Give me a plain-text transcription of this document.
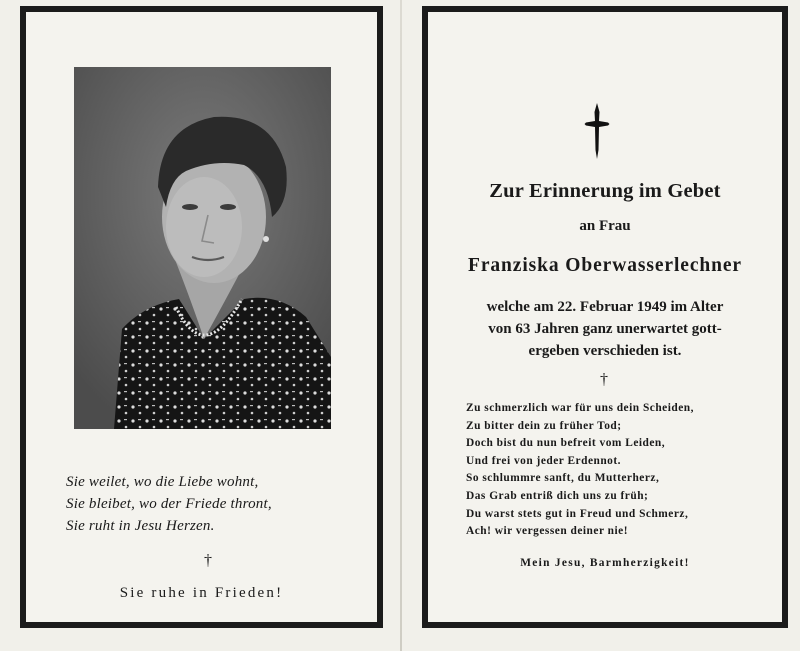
Sie weilet, wo die Liebe wohnt,
Sie bleibet, wo der Friede thront,
Sie ruht in Jesu Herzen.
†
Sie ruhe in Frieden!
Zur Erinnerung im Gebet
an Frau
Franziska Oberwasserlechner
welche am 22. Februar 1949 im Alter
von 63 Jahren ganz unerwartet gott-
ergeben verschieden ist.
†
Zu schmerzlich war für uns dein Scheiden,
Zu bitter dein zu früher Tod;
Doch bist du nun befreit vom Leiden,
Und frei von jeder Erdennot.
So schlummre sanft, du Mutterherz,
Das Grab entriß dich uns zu früh;
Du warst stets gut in Freud und Schmerz,
Ach! wir vergessen deiner nie!
Mein Jesu, Barmherzigkeit!
